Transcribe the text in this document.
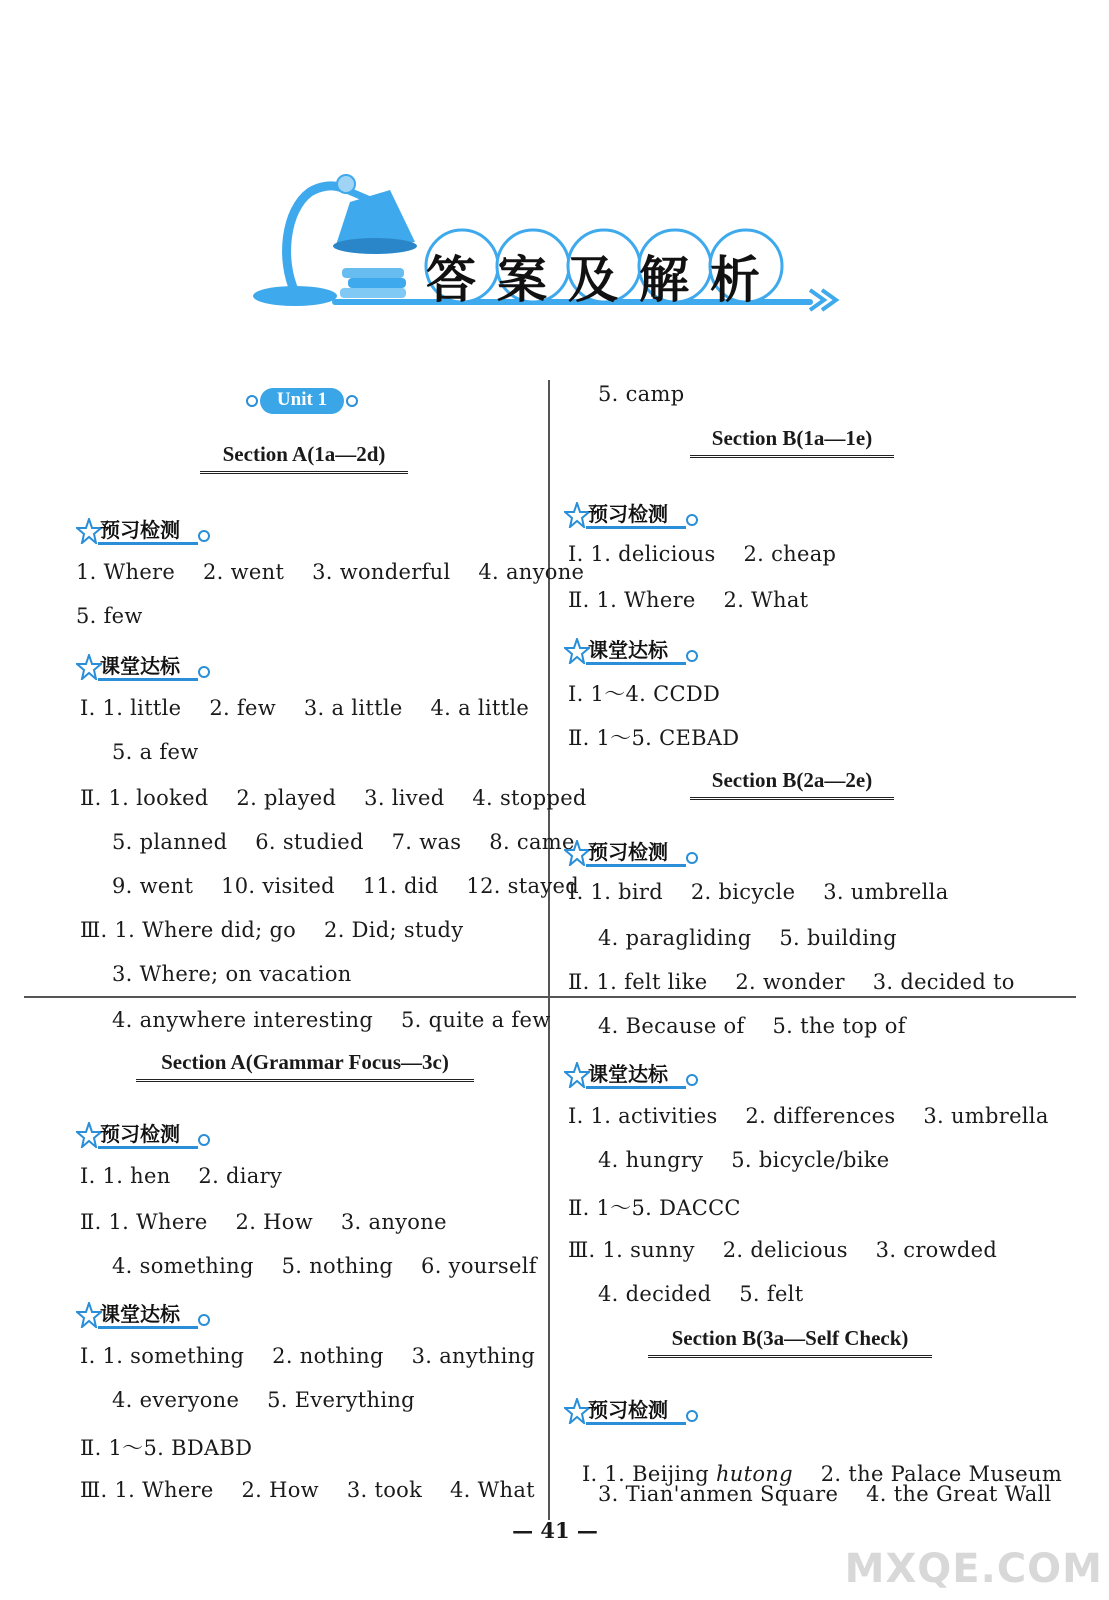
答案及解析
Unit 1
Section A(1a—2d)
预习检测
1. Where    2. went    3. wonderful    4. anyone
5. few
课堂达标
Ⅰ. 1. little    2. few    3. a little    4. a little
5. a few
Ⅱ. 1. looked    2. played    3. lived    4. stopped
5. planned    6. studied    7. was    8. came
9. went    10. visited    11. did    12. stayed
Ⅲ. 1. Where did; go    2. Did; study
3. Where; on vacation
4. anywhere interesting    5. quite a few
Section A(Grammar Focus—3c)
预习检测
Ⅰ. 1. hen    2. diary
Ⅱ. 1. Where    2. How    3. anyone
4. something    5. nothing    6. yourself
课堂达标
Ⅰ. 1. something    2. nothing    3. anything
4. everyone    5. Everything
Ⅱ. 1～5. BDABD
Ⅲ. 1. Where    2. How    3. took    4. What
5. camp
Section B(1a—1e)
预习检测
Ⅰ. 1. delicious    2. cheap
Ⅱ. 1. Where    2. What
课堂达标
Ⅰ. 1～4. CCDD
Ⅱ. 1～5. CEBAD
Section B(2a—2e)
预习检测
Ⅰ. 1. bird    2. bicycle    3. umbrella
4. paragliding    5. building
Ⅱ. 1. felt like    2. wonder    3. decided to
4. Because of    5. the top of
课堂达标
Ⅰ. 1. activities    2. differences    3. umbrella
4. hungry    5. bicycle/bike
Ⅱ. 1～5. DACCC
Ⅲ. 1. sunny    2. delicious    3. crowded
4. decided    5. felt
Section B(3a—Self Check)
预习检测

Ⅰ. 1. Beijing hutong    2. the Palace Museum

3. Tian'anmen Square    4. the Great Wall
— 41 —
MXQE.COM
